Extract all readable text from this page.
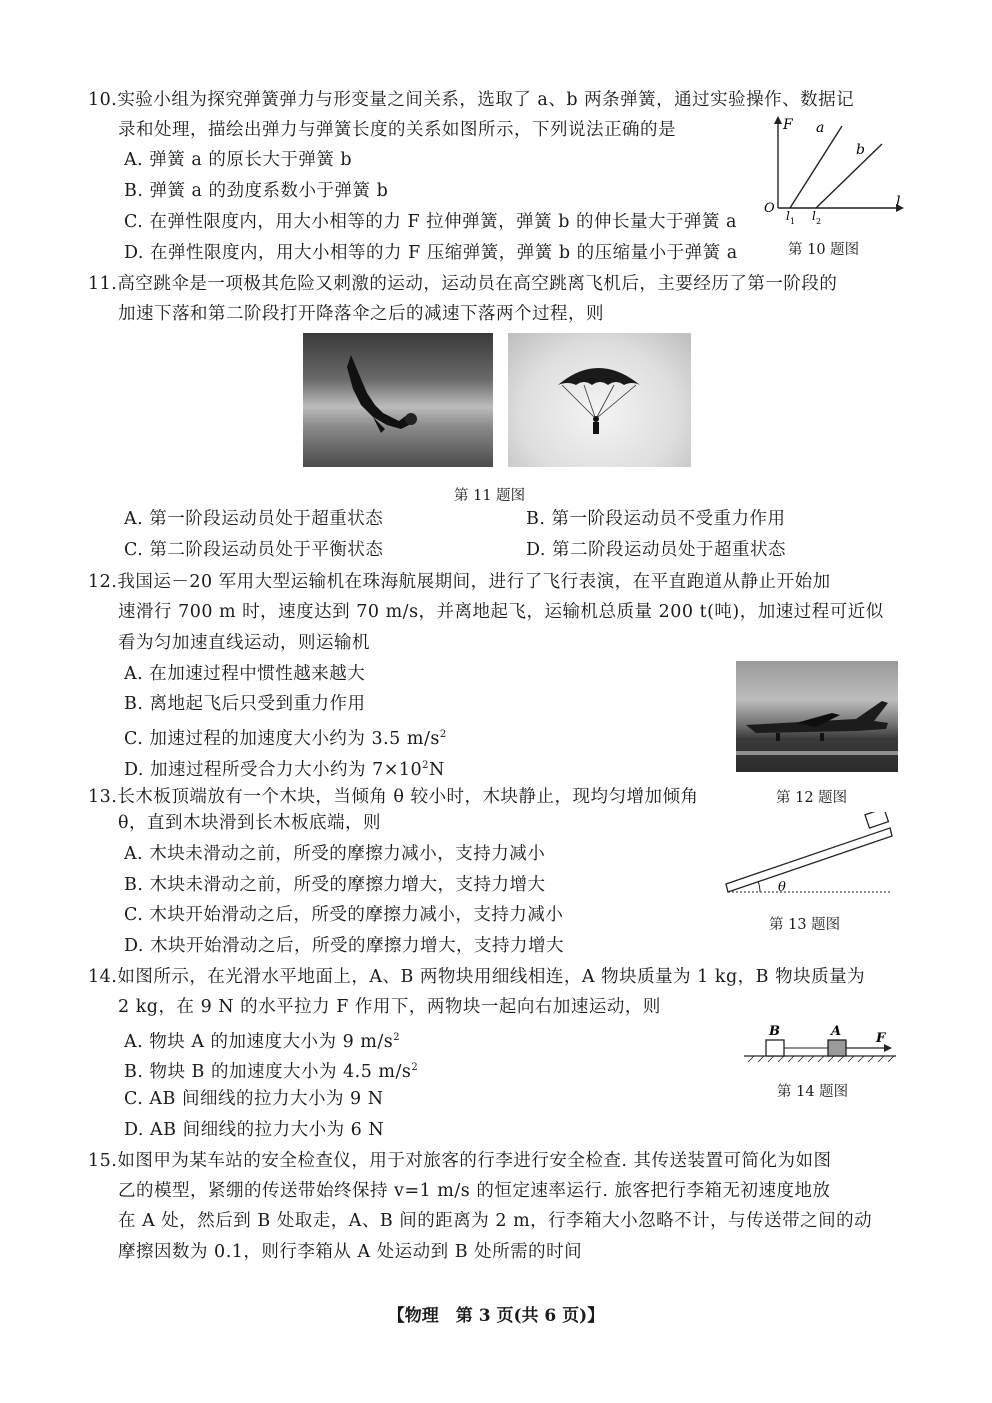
10.实验小组为探究弹簧弹力与形变量之间关系，选取了 a、b 两条弹簧，通过实验操作、数据记
录和处理，描绘出弹力与弹簧长度的关系如图所示，下列说法正确的是
A. 弹簧 a 的原长大于弹簧 b
B. 弹簧 a 的劲度系数小于弹簧 b
C. 在弹性限度内，用大小相等的力 F 拉伸弹簧，弹簧 b 的伸长量大于弹簧 a
D. 在弹性限度内，用大小相等的力 F 压缩弹簧，弹簧 b 的压缩量小于弹簧 a
F
l
O l 1 l 2
a
b
第 10 题图
11.高空跳伞是一项极其危险又刺激的运动，运动员在高空跳离飞机后，主要经历了第一阶段的
加速下落和第二阶段打开降落伞之后的减速下落两个过程，则
第 11 题图
A. 第一阶段运动员处于超重状态	B. 第一阶段运动员不受重力作用
C. 第二阶段运动员处于平衡状态	D. 第二阶段运动员处于超重状态
12.我国运－20 军用大型运输机在珠海航展期间，进行了飞行表演，在平直跑道从静止开始加
速滑行 700 m 时，速度达到 70 m/s，并离地起飞，运输机总质量 200 t(吨)，加速过程可近似
看为匀加速直线运动，则运输机
A. 在加速过程中惯性越来越大
B. 离地起飞后只受到重力作用
C. 加速过程的加速度大小约为 3.5 $m/s^2$
D. 加速过程所受合力大小约为 $7\times 10^2N$
第 12 题图
13.长木板顶端放有一个木块，当倾角 θ 较小时，木块静止，现均匀增加倾角
θ，直到木块滑到长木板底端，则
A. 木块未滑动之前，所受的摩擦力减小，支持力减小
B. 木块未滑动之前，所受的摩擦力增大，支持力增大
C. 木块开始滑动之后，所受的摩擦力减小，支持力减小
D. 木块开始滑动之后，所受的摩擦力增大，支持力增大
θ
第 13 题图
14.如图所示，在光滑水平地面上，A、B 两物块用细线相连，A 物块质量为 1 kg，B 物块质量为
2 kg，在 9 N 的水平拉力 F 作用下，两物块一起向右加速运动，则
A. 物块 A 的加速度大小为 9 $m/s^2$
B. 物块 B 的加速度大小为 4.5 $m/s^2$
C. AB 间细线的拉力大小为 9 N
D. AB 间细线的拉力大小为 6 N
B	A	F
第 14 题图
15.如图甲为某车站的安全检查仪，用于对旅客的行李进行安全检查. 其传送装置可简化为如图
乙的模型，紧绷的传送带始终保持 v=1 m/s 的恒定速率运行. 旅客把行李箱无初速度地放
在 A 处，然后到 B 处取走，A、B 间的距离为 2 m，行李箱大小忽略不计，与传送带之间的动
摩擦因数为 0.1，则行李箱从 A 处运动到 B 处所需的时间
【物理　第 3 页(共 6 页)】
